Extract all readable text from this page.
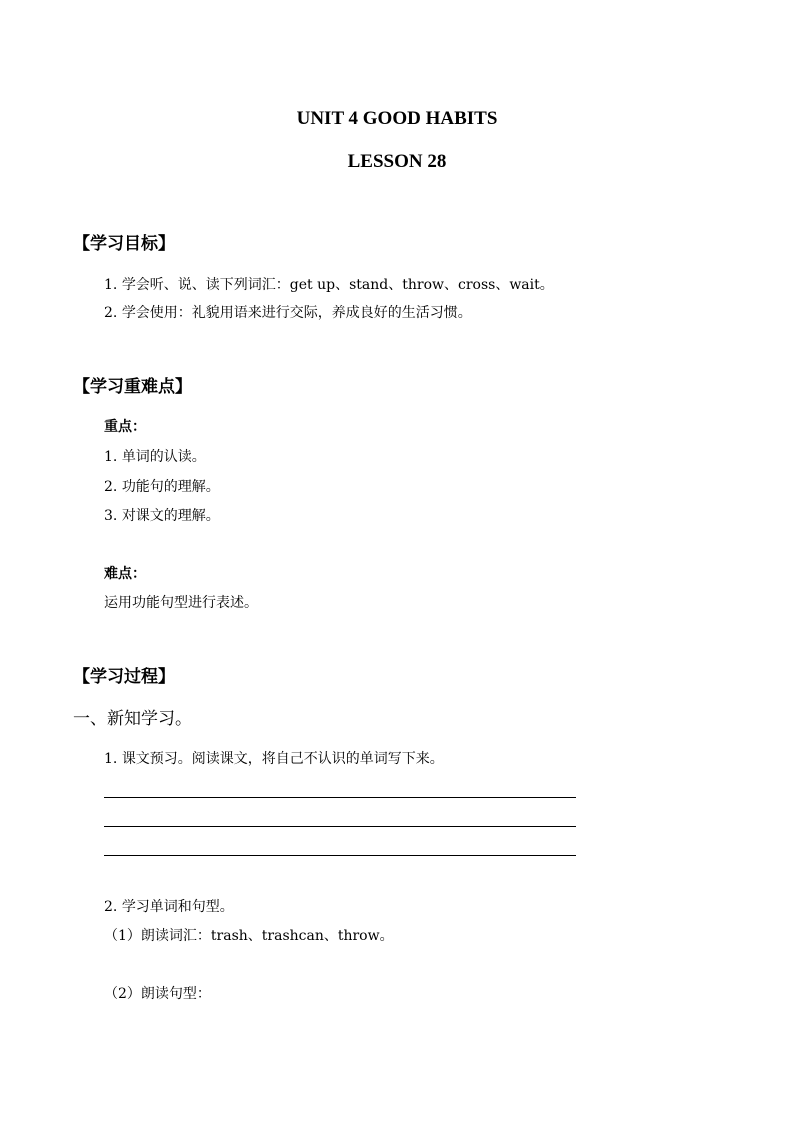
UNIT 4 GOOD HABITS
LESSON 28
【学习目标】
1. 学会听、说、读下列词汇：get up、stand、throw、cross、wait。
2. 学会使用：礼貌用语来进行交际，养成良好的生活习惯。
【学习重难点】
重点：
1. 单词的认读。
2. 功能句的理解。
3. 对课文的理解。
难点：
运用功能句型进行表述。
【学习过程】
一、新知学习。
1. 课文预习。阅读课文，将自己不认识的单词写下来。
2. 学习单词和句型。
（1）朗读词汇：trash、trashcan、throw。
（2）朗读句型：
